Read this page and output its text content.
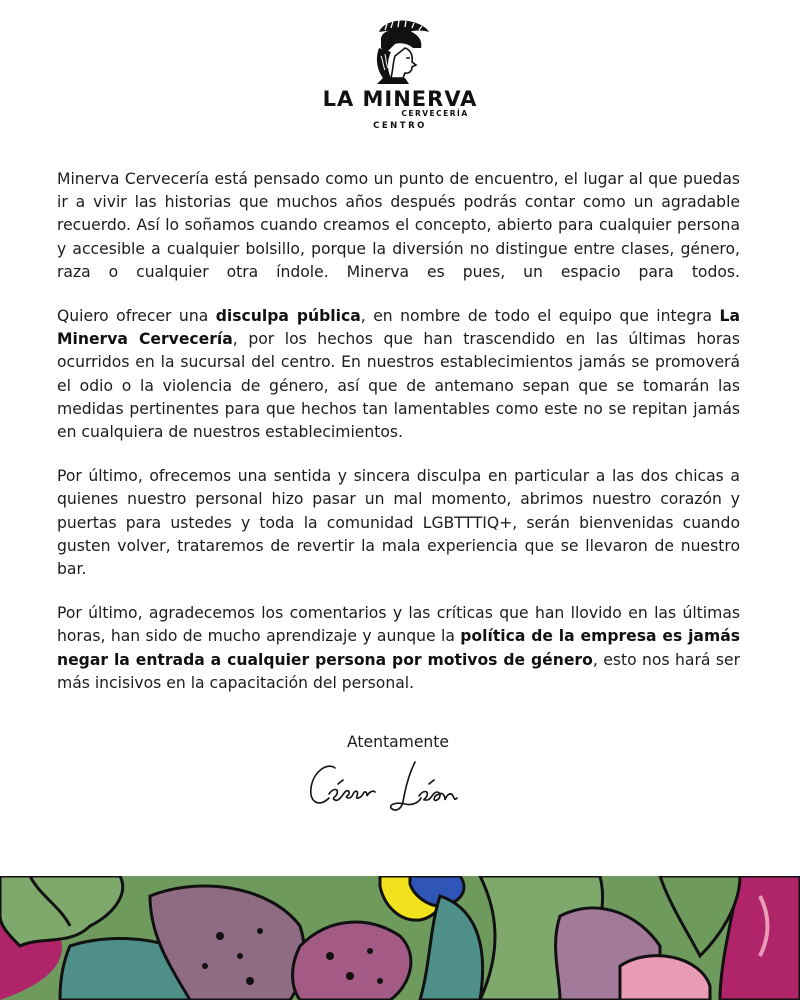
LA MINERVA
CERVECERÍA
CENTRO

Minerva Cervecería está pensado como un punto de encuentro, el lugar al que puedas ir a vivir las historias que muchos años después podrás contar como un agradable recuerdo. Así lo soñamos cuando creamos el concepto, abierto para cualquier persona y accesible a cualquier bolsillo, porque la diversión no distingue entre clases, género, raza o cualquier otra índole. Minerva es pues, un espacio para todos.

Quiero ofrecer una disculpa pública, en nombre de todo el equipo que integra La Minerva Cervecería, por los hechos que han trascendido en las últimas horas ocurridos en la sucursal del centro. En nuestros establecimientos jamás se promoverá el odio o la violencia de género, así que de antemano sepan que se tomarán las medidas pertinentes para que hechos tan lamentables como este no se repitan jamás en cualquiera de nuestros establecimientos.

Por último, ofrecemos una sentida y sincera disculpa en particular a las dos chicas a quienes nuestro personal hizo pasar un mal momento, abrimos nuestro corazón y puertas para ustedes y toda la comunidad LGBTTTIQ+, serán bienvenidas cuando gusten volver, trataremos de revertir la mala experiencia que se llevaron de nuestro bar.

Por último, agradecemos los comentarios y las críticas que han llovido en las últimas horas, han sido de mucho aprendizaje y aunque la política de la empresa es jamás negar la entrada a cualquier persona por motivos de género, esto nos hará ser más incisivos en la capacitación del personal.

Atentamente
